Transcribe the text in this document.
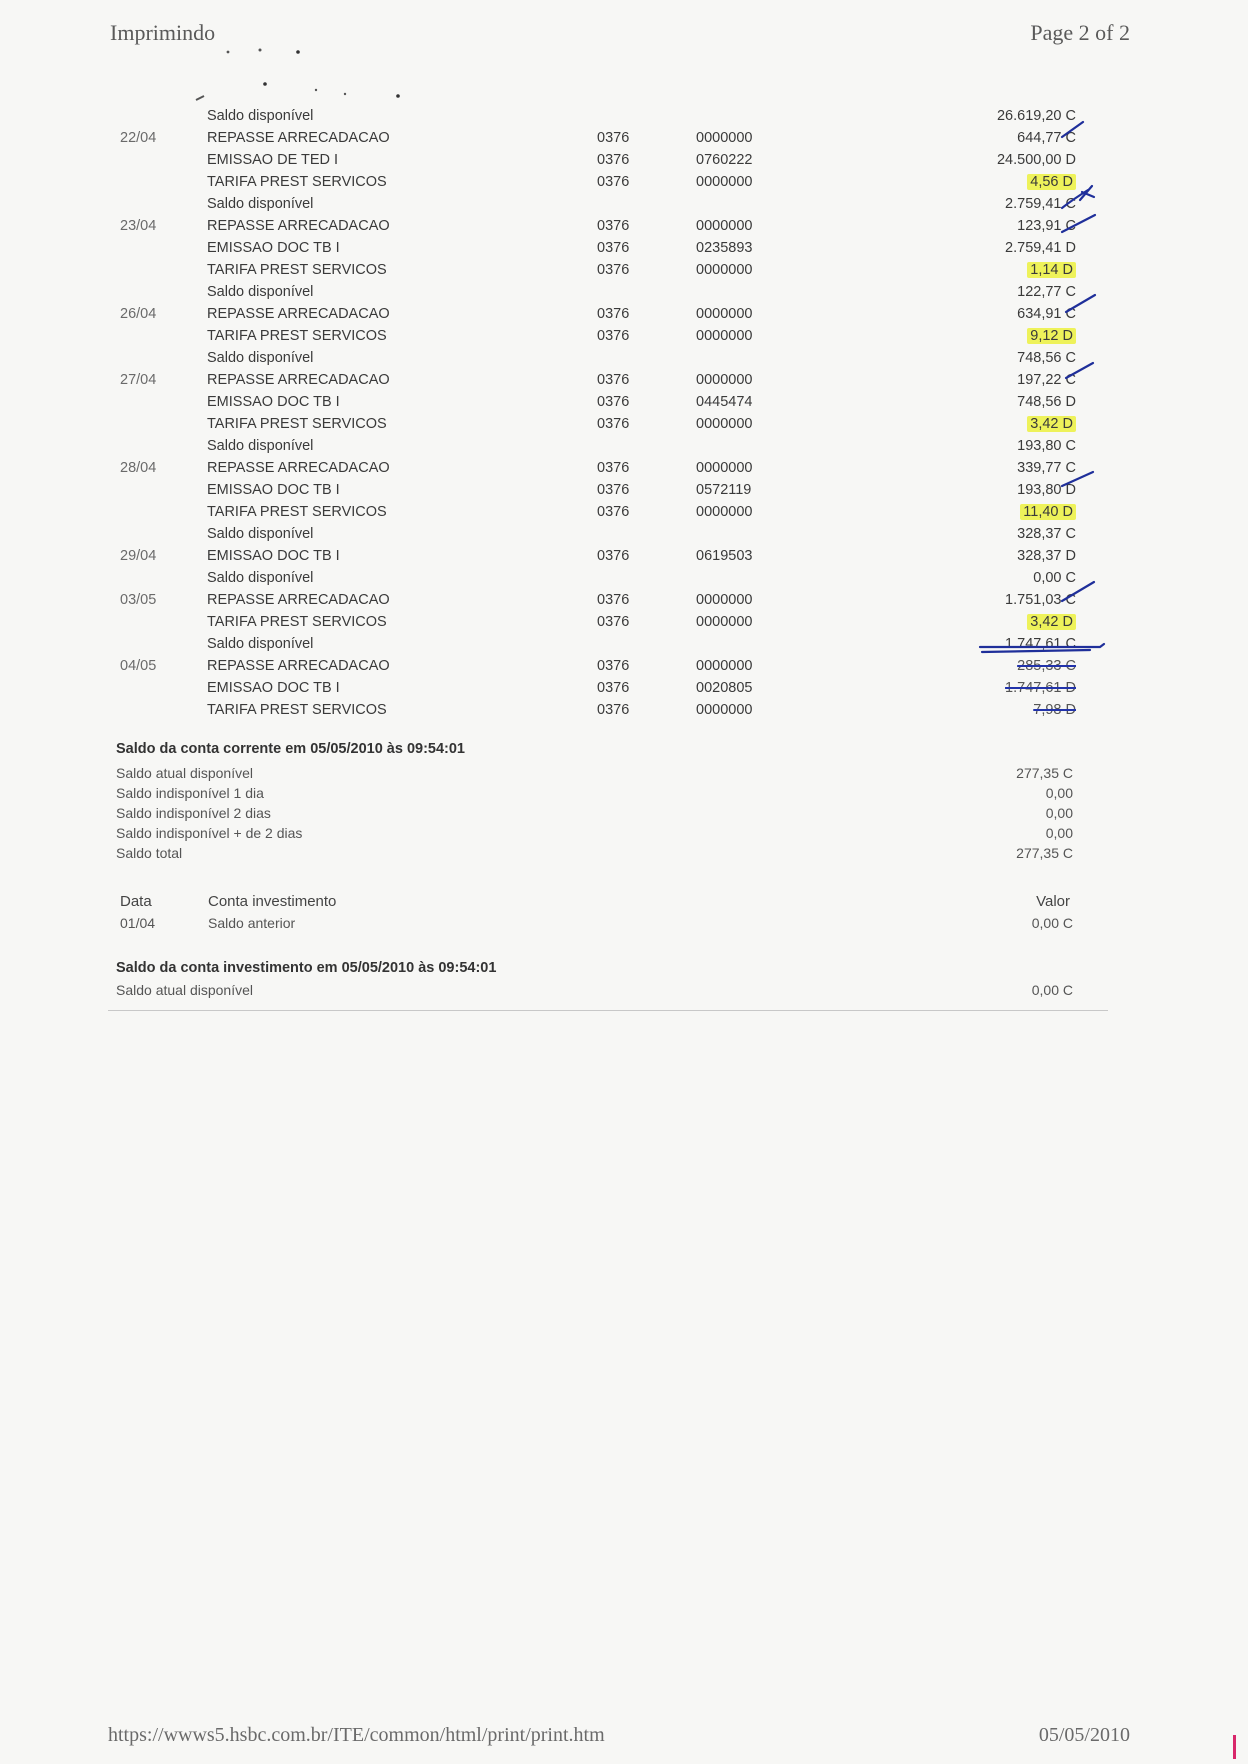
Imprimindo	Page 2 of 2
Saldo disponível	26.619,20 C
22/04	REPASSE ARRECADACAO	0376	0000000	644,77 C
EMISSAO DE TED I	0376	0760222	24.500,00 D
TARIFA PREST SERVICOS	0376	0000000	4,56 D
Saldo disponível	2.759,41 C
23/04	REPASSE ARRECADACAO	0376	0000000	123,91 C
EMISSAO DOC TB I	0376	0235893	2.759,41 D
TARIFA PREST SERVICOS	0376	0000000	1,14 D
Saldo disponível	122,77 C
26/04	REPASSE ARRECADACAO	0376	0000000	634,91 C
TARIFA PREST SERVICOS	0376	0000000	9,12 D
Saldo disponível	748,56 C
27/04	REPASSE ARRECADACAO	0376	0000000	197,22 C
EMISSAO DOC TB I	0376	0445474	748,56 D
TARIFA PREST SERVICOS	0376	0000000	3,42 D
Saldo disponível	193,80 C
28/04	REPASSE ARRECADACAO	0376	0000000	339,77 C
EMISSAO DOC TB I	0376	0572119	193,80 D
TARIFA PREST SERVICOS	0376	0000000	11,40 D
Saldo disponível	328,37 C
29/04	EMISSAO DOC TB I	0376	0619503	328,37 D
Saldo disponível	0,00 C
03/05	REPASSE ARRECADACAO	0376	0000000	1.751,03 C
TARIFA PREST SERVICOS	0376	0000000	3,42 D
Saldo disponível	1.747,61 C
04/05	REPASSE ARRECADACAO	0376	0000000	285,33 C
EMISSAO DOC TB I	0376	0020805	1.747,61 D
TARIFA PREST SERVICOS	0376	0000000	7,98 D
Saldo da conta corrente em 05/05/2010 às 09:54:01
Saldo atual disponível	277,35 C
Saldo indisponível 1 dia	0,00
Saldo indisponível 2 dias	0,00
Saldo indisponível + de 2 dias	0,00
Saldo total	277,35 C
Data	Conta investimento	Valor
01/04	Saldo anterior	0,00 C
Saldo da conta investimento em 05/05/2010 às 09:54:01
Saldo atual disponível	0,00 C
https://wwws5.hsbc.com.br/ITE/common/html/print/print.htm	05/05/2010
